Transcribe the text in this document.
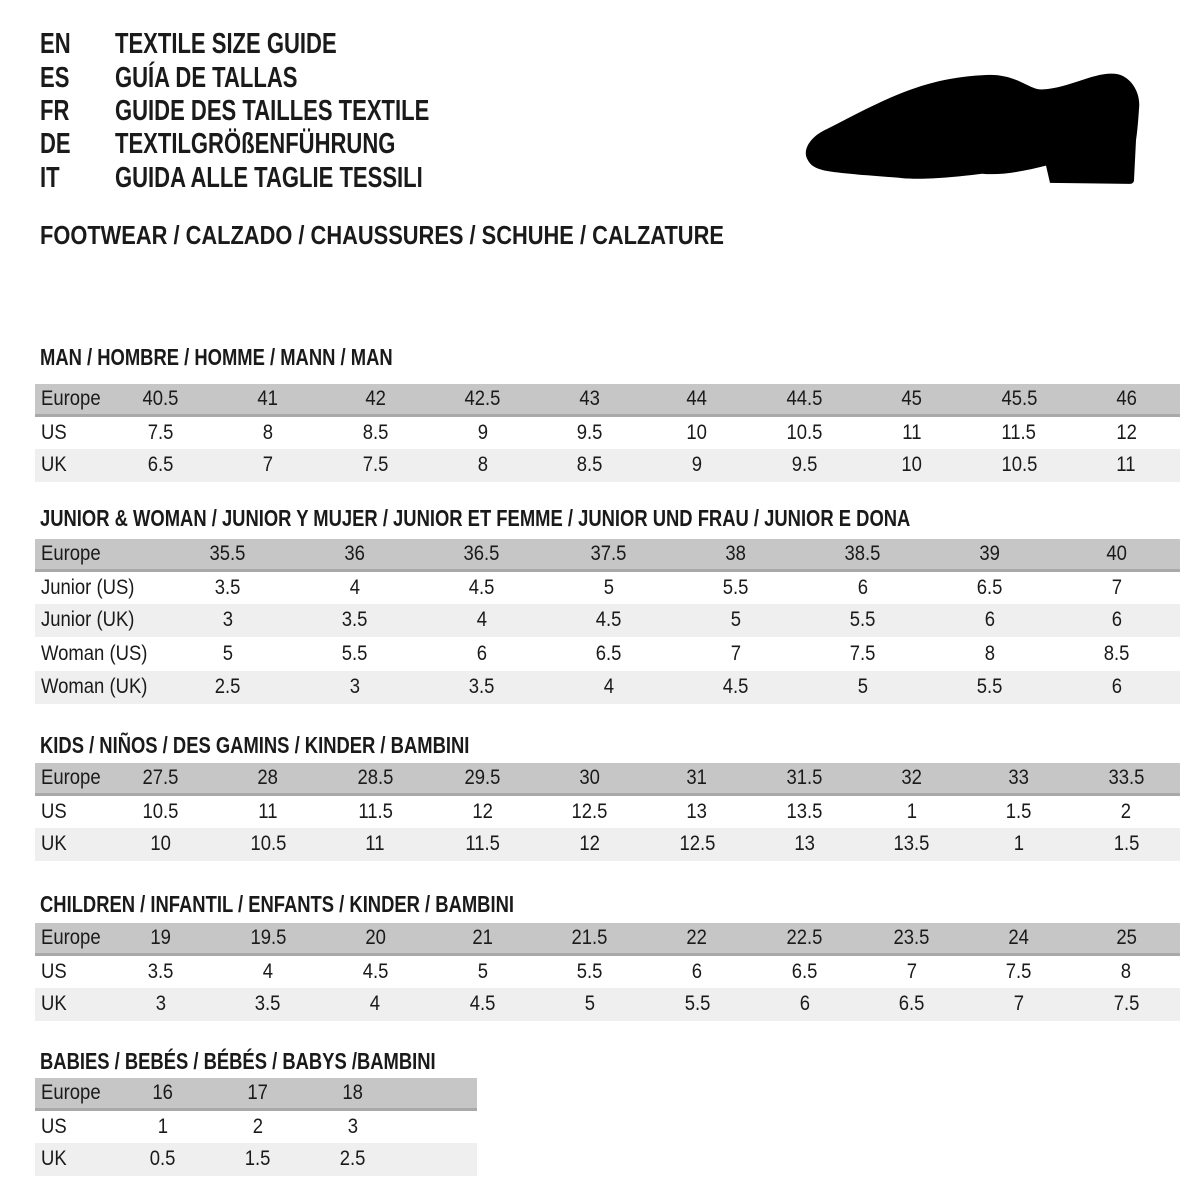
EN	TEXTILE SIZE GUIDE
ES	GUÍA DE TALLAS
FR	GUIDE DES TAILLES TEXTILE
DE	TEXTILGRÖßENFÜHRUNG
IT	GUIDA ALLE TAGLIE TESSILI
FOOTWEAR / CALZADO / CHAUSSURES / SCHUHE / CALZATURE
MAN / HOMBRE / HOMME / MANN / MAN
JUNIOR & WOMAN / JUNIOR Y MUJER / JUNIOR ET FEMME / JUNIOR UND FRAU / JUNIOR E DONA
KIDS / NIÑOS / DES GAMINS / KINDER / BAMBINI
CHILDREN / INFANTIL / ENFANTS / KINDER / BAMBINI
BABIES / BEBÉS / BÉBÉS / BABYS /BAMBINI
Europe	40.5	41	42	42.5	43	44	44.5	45	45.5	46
US	7.5	8	8.5	9	9.5	10	10.5	11	11.5	12
UK	6.5	7	7.5	8	8.5	9	9.5	10	10.5	11
Europe	35.5	36	36.5	37.5	38	38.5	39	40
Junior (US)	3.5	4	4.5	5	5.5	6	6.5	7
Junior (UK)	3	3.5	4	4.5	5	5.5	6	6
Woman (US)	5	5.5	6	6.5	7	7.5	8	8.5
Woman (UK)	2.5	3	3.5	4	4.5	5	5.5	6
Europe	27.5	28	28.5	29.5	30	31	31.5	32	33	33.5
US	10.5	11	11.5	12	12.5	13	13.5	1	1.5	2
UK	10	10.5	11	11.5	12	12.5	13	13.5	1	1.5
Europe	19	19.5	20	21	21.5	22	22.5	23.5	24	25
US	3.5	4	4.5	5	5.5	6	6.5	7	7.5	8
UK	3	3.5	4	4.5	5	5.5	6	6.5	7	7.5
Europe	16	17	18	
US	1	2	3	
UK	0.5	1.5	2.5	
